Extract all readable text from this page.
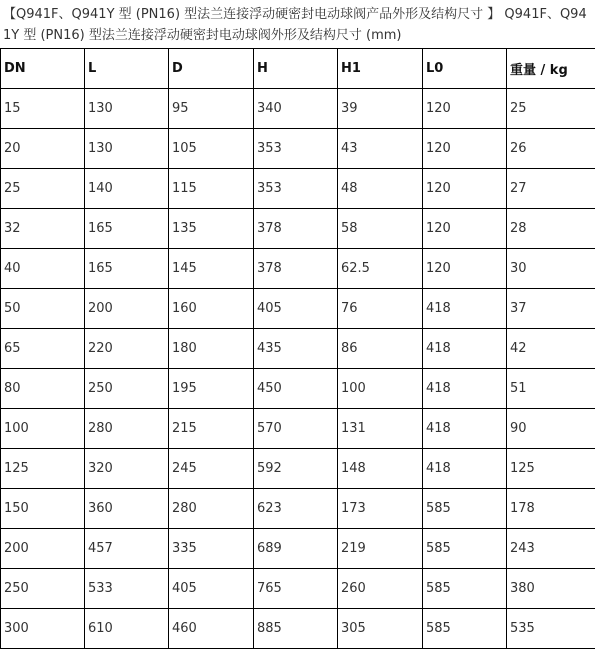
【Q941F、Q941Y 型 (PN16) 型法兰连接浮动硬密封电动球阀产品外形及结构尺寸 】 Q941F、Q941Y 型 (PN16) 型法兰连接浮动硬密封电动球阀外形及结构尺寸 (mm)
DN	L	D	H	H1	L0	重量 / kg
15	130	95	340	39	120	25
20	130	105	353	43	120	26
25	140	115	353	48	120	27
32	165	135	378	58	120	28
40	165	145	378	62.5	120	30
50	200	160	405	76	418	37
65	220	180	435	86	418	42
80	250	195	450	100	418	51
100	280	215	570	131	418	90
125	320	245	592	148	418	125
150	360	280	623	173	585	178
200	457	335	689	219	585	243
250	533	405	765	260	585	380
300	610	460	885	305	585	535
